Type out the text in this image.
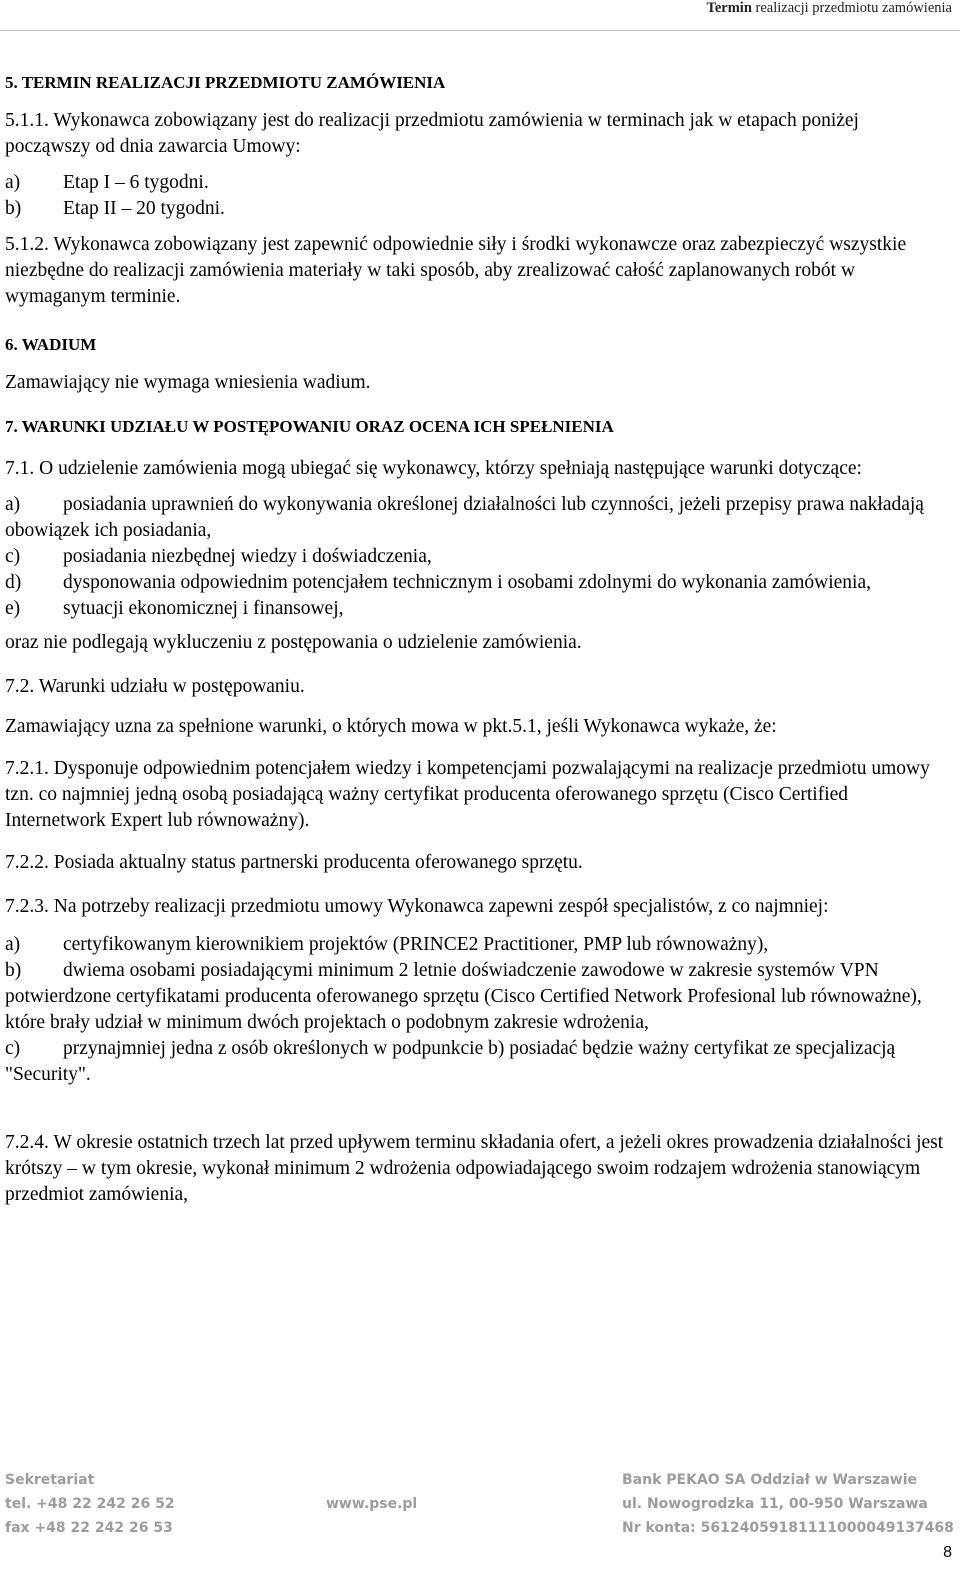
Termin realizacji przedmiotu zamówienia

5. TERMIN REALIZACJI PRZEDMIOTU ZAMÓWIENIA

5.1.1. Wykonawca zobowiązany jest do realizacji przedmiotu zamówienia w terminach jak w etapach poniżej począwszy od dnia zawarcia Umowy:

a) Etap I – 6 tygodni.
b) Etap II – 20 tygodni.

5.1.2. Wykonawca zobowiązany jest zapewnić odpowiednie siły i środki wykonawcze oraz zabezpieczyć wszystkie niezbędne do realizacji zamówienia materiały w taki sposób, aby zrealizować całość zaplanowanych robót w wymaganym terminie.

6. WADIUM

Zamawiający nie wymaga wniesienia wadium.

7. WARUNKI UDZIAŁU W POSTĘPOWANIU ORAZ OCENA ICH SPEŁNIENIA

7.1. O udzielenie zamówienia mogą ubiegać się wykonawcy, którzy spełniają następujące warunki dotyczące:

a) posiadania uprawnień do wykonywania określonej działalności lub czynności, jeżeli przepisy prawa nakładają obowiązek ich posiadania,
c) posiadania niezbędnej wiedzy i doświadczenia,
d) dysponowania odpowiednim potencjałem technicznym i osobami zdolnymi do wykonania zamówienia,
e) sytuacji ekonomicznej i finansowej,

oraz nie podlegają wykluczeniu z postępowania o udzielenie zamówienia.

7.2. Warunki udziału w postępowaniu.

Zamawiający uzna za spełnione warunki, o których mowa w pkt.5.1, jeśli Wykonawca wykaże, że:

7.2.1. Dysponuje odpowiednim potencjałem wiedzy i kompetencjami pozwalającymi na realizacje przedmiotu umowy tzn. co najmniej jedną osobą posiadającą ważny certyfikat producenta oferowanego sprzętu (Cisco Certified Internetwork Expert lub równoważny).

7.2.2. Posiada aktualny status partnerski producenta oferowanego sprzętu.

7.2.3. Na potrzeby realizacji przedmiotu umowy Wykonawca zapewni zespół specjalistów, z co najmniej:

a) certyfikowanym kierownikiem projektów (PRINCE2 Practitioner, PMP lub równoważny),
b) dwiema osobami posiadającymi minimum 2 letnie doświadczenie zawodowe w zakresie systemów VPN potwierdzone certyfikatami producenta oferowanego sprzętu (Cisco Certified Network Profesional lub równoważne), które brały udział w minimum dwóch projektach o podobnym zakresie wdrożenia,
c) przynajmniej jedna z osób określonych w podpunkcie b) posiadać będzie ważny certyfikat ze specjalizacją "Security".

7.2.4. W okresie ostatnich trzech lat przed upływem terminu składania ofert, a jeżeli okres prowadzenia działalności jest krótszy – w tym okresie, wykonał minimum 2 wdrożenia odpowiadającego swoim rodzajem wdrożenia stanowiącym przedmiot zamówienia,

Sekretariat
tel. +48 22 242 26 52
fax +48 22 242 26 53
www.pse.pl
Bank PEKAO SA Oddział w Warszawie
ul. Nowogrodzka 11, 00-950 Warszawa
Nr konta: 56124059181111000049137468
8
